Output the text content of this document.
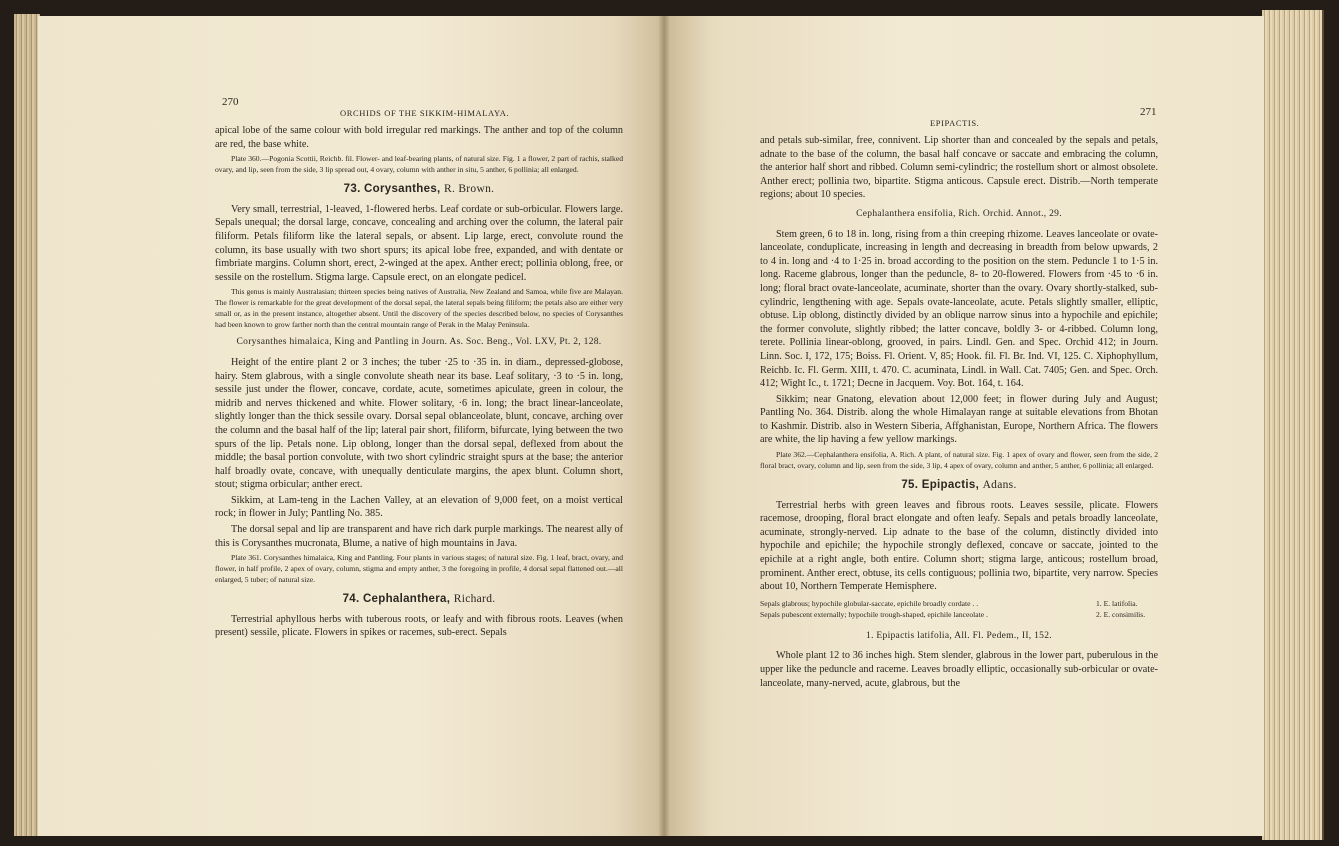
270
ORCHIDS OF THE SIKKIM-HIMALAYA.

apical lobe of the same colour with bold irregular red markings. The anther and top of the column are red, the base white.

Plate 360.—Pogonia Scottii, Reichb. fil. Flower- and leaf-bearing plants, of natural size. Fig. 1 a flower, 2 part of rachis, stalked ovary, and lip, seen from the side, 3 lip spread out, 4 ovary, column with anther in situ, 5 anther, 6 pollinia; all enlarged.

73. Corysanthes, R. Brown.

Very small, terrestrial, 1-leaved, 1-flowered herbs. Leaf cordate or sub-orbicular. Flowers large. Sepals unequal; the dorsal large, concave, concealing and arching over the column, the lateral pair filiform. Petals filiform like the lateral sepals, or absent. Lip large, erect, convolute round the column, its base usually with two short spurs; its apical lobe free, expanded, and with dentate or fimbriate margins. Column short, erect, 2-winged at the apex. Anther erect; pollinia oblong, free, or sessile on the rostellum. Stigma large. Capsule erect, on an elongate pedicel.

This genus is mainly Australasian; thirteen species being natives of Australia, New Zealand and Samoa, while five are Malayan. The flower is remarkable for the great development of the dorsal sepal, the lateral sepals being filiform; the petals also are either very small or, as in the present instance, altogether absent. Until the discovery of the species described below, no species of Corysanthes had been known to grow farther north than the central mountain range of Perak in the Malay Peninsula.

Corysanthes himalaica, King and Pantling in Journ. As. Soc. Beng., Vol. LXV, Pt. 2, 128.

Height of the entire plant 2 or 3 inches; the tuber ·25 to ·35 in. in diam., depressed-globose, hairy. Stem glabrous, with a single convolute sheath near its base. Leaf solitary, ·3 to ·5 in. long, sessile just under the flower, concave, cordate, acute, sometimes apiculate, green in colour, the midrib and nerves thickened and white. Flower solitary, ·6 in. long; the bract linear-lanceolate, slightly longer than the thick sessile ovary. Dorsal sepal oblanceolate, blunt, concave, arching over the column and the basal half of the lip; lateral pair short, filiform, bifurcate, lying between the two spurs of the lip. Petals none. Lip oblong, longer than the dorsal sepal, deflexed from about the middle; the basal portion convolute, with two short cylindric straight spurs at the base; the anterior half broadly ovate, concave, with unequally denticulate margins, the apex blunt. Column short, stout; stigma orbicular; anther erect.

Sikkim, at Lam-teng in the Lachen Valley, at an elevation of 9,000 feet, on a moist vertical rock; in flower in July; Pantling No. 385.

The dorsal sepal and lip are transparent and have rich dark purple markings. The nearest ally of this is Corysanthes mucronata, Blume, a native of high mountains in Java.

Plate 361. Corysanthes himalaica, King and Pantling. Four plants in various stages; of natural size. Fig. 1 leaf, bract, ovary, and flower, in half profile, 2 apex of ovary, column, stigma and empty anther, 3 the foregoing in profile, 4 dorsal sepal flattened out.—all enlarged, 5 tuber; of natural size.

74. Cephalanthera, Richard.

Terrestrial aphyllous herbs with tuberous roots, or leafy and with fibrous roots. Leaves (when present) sessile, plicate. Flowers in spikes or racemes, sub-erect. Sepals

EPIPACTIS.
271

and petals sub-similar, free, connivent. Lip shorter than and concealed by the sepals and petals, adnate to the base of the column, the basal half concave or saccate and embracing the column, the anterior half short and ribbed. Column semi-cylindric; the rostellum short or almost obsolete. Anther erect; pollinia two, bipartite. Stigma anticous. Capsule erect. Distrib.—North temperate regions; about 10 species.

Cephalanthera ensifolia, Rich. Orchid. Annot., 29.

Stem green, 6 to 18 in. long, rising from a thin creeping rhizome. Leaves lanceolate or ovate-lanceolate, conduplicate, increasing in length and decreasing in breadth from below upwards, 2 to 4 in. long and ·4 to 1·25 in. broad according to the position on the stem. Peduncle 1 to 1·5 in. long. Raceme glabrous, longer than the peduncle, 8- to 20-flowered. Flowers from ·45 to ·6 in. long; floral bract ovate-lanceolate, acuminate, shorter than the ovary. Ovary shortly-stalked, sub-cylindric, lengthening with age. Sepals ovate-lanceolate, acute. Petals slightly smaller, elliptic, obtuse. Lip oblong, distinctly divided by an oblique narrow sinus into a hypochile and epichile; the former convolute, slightly ribbed; the latter concave, boldly 3- or 4-ribbed. Column long, terete. Pollinia linear-oblong, grooved, in pairs. Lindl. Gen. and Spec. Orchid 412; in Journ. Linn. Soc. I, 172, 175; Boiss. Fl. Orient. V, 85; Hook. fil. Fl. Br. Ind. VI, 125. C. Xiphophyllum, Reichb. Ic. Fl. Germ. XIII, t. 470. C. acuminata, Lindl. in Wall. Cat. 7405; Gen. and Spec. Orch. 412; Wight Ic., t. 1721; Decne in Jacquem. Voy. Bot. 164, t. 164.

Sikkim; near Gnatong, elevation about 12,000 feet; in flower during July and August; Pantling No. 364. Distrib. along the whole Himalayan range at suitable elevations from Bhotan to Kashmir. Distrib. also in Western Siberia, Affghanistan, Europe, Northern Africa. The flowers are white, the lip having a few yellow markings.

Plate 362.—Cephalanthera ensifolia, A. Rich. A plant, of natural size. Fig. 1 apex of ovary and flower, seen from the side, 2 floral bract, ovary, column and lip, seen from the side, 3 lip, 4 apex of ovary, column and anther, 5 anther, 6 pollinia; all enlarged.

75. Epipactis, Adans.

Terrestrial herbs with green leaves and fibrous roots. Leaves sessile, plicate. Flowers racemose, drooping, floral bract elongate and often leafy. Sepals and petals broadly lanceolate, acuminate, strongly-nerved. Lip adnate to the base of the column, distinctly divided into hypochile and epichile; the hypochile strongly deflexed, concave or saccate, jointed to the epichile at a right angle, both entire. Column short; stigma large, anticous; rostellum broad, prominent. Anther erect, obtuse, its cells contiguous; pollinia two, bipartite, very narrow. Species about 10, Northern Temperate Hemisphere.

Sepals glabrous; hypochile globular-saccate, epichile broadly cordate . .	1. E. latifolia.
Sepals pubescent externally; hypochile trough-shaped, epichile lanceolate .	2. E. consimilis.
1. Epipactis latifolia, All. Fl. Pedem., II, 152.

Whole plant 12 to 36 inches high. Stem slender, glabrous in the lower part, puberulous in the upper like the peduncle and raceme. Leaves broadly elliptic, occasionally sub-orbicular or ovate-lanceolate, many-nerved, acute, glabrous, but the
